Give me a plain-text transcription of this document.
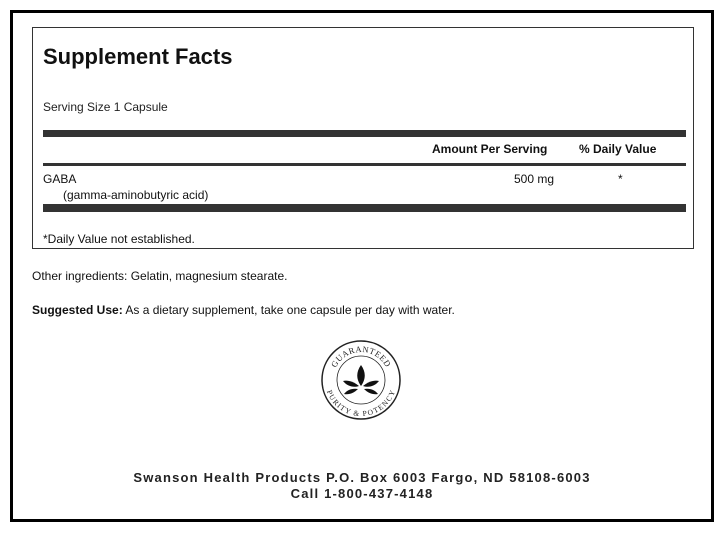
Supplement Facts
Serving Size 1 Capsule
Amount Per Serving	% Daily Value
GABA
(gamma-aminobutyric acid)
500 mg	*
*Daily Value not established.
Other ingredients: Gelatin, magnesium stearate.
Suggested Use: As a dietary supplement, take one capsule per day with water.
GUARANTEED
PURITY & POTENCY
Swanson Health Products P.O. Box 6003 Fargo, ND 58108-6003
Call 1-800-437-4148
